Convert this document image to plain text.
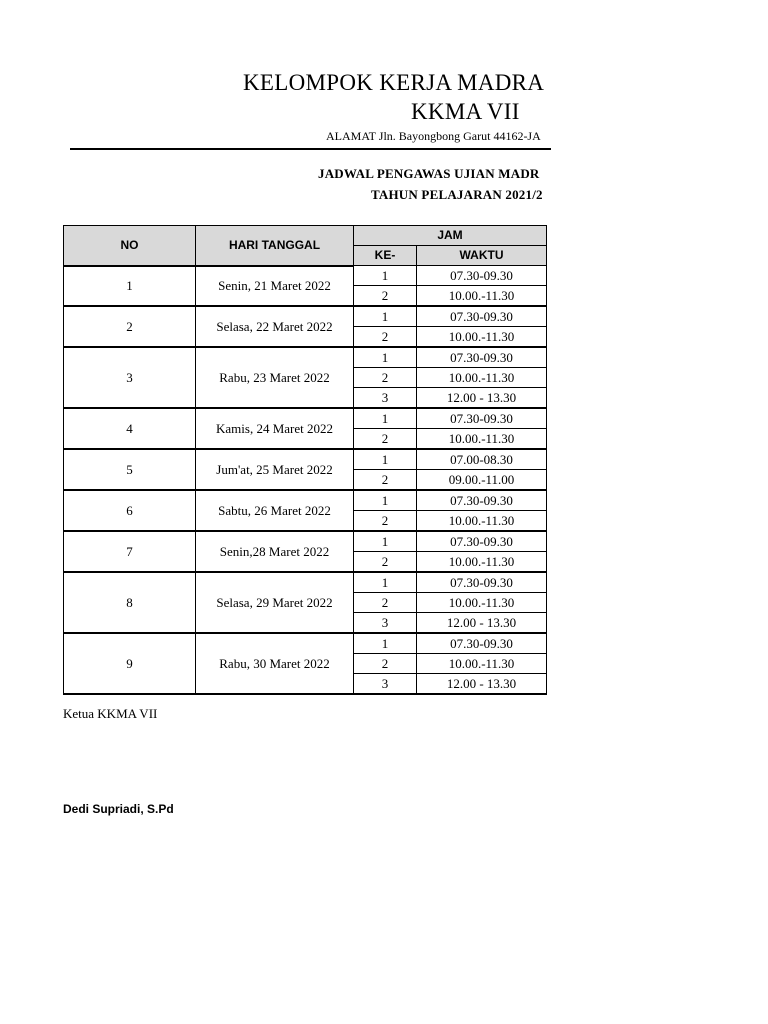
KELOMPOK KERJA MADRA
KKMA VII
ALAMAT Jln. Bayongbong Garut 44162-JA
JADWAL PENGAWAS UJIAN MADR
TAHUN PELAJARAN 2021/2
NO	HARI TANGGAL	JAM	
		KE-	WAKTU
1	Senin, 21 Maret 2022	1	07.30-09.30
		2	10.00.-11.30
2	Selasa, 22 Maret 2022	1	07.30-09.30
		2	10.00.-11.30
3	Rabu, 23 Maret 2022	1	07.30-09.30
		2	10.00.-11.30
		3	12.00 - 13.30
4	Kamis, 24 Maret 2022	1	07.30-09.30
		2	10.00.-11.30
5	Jum'at, 25 Maret 2022	1	07.00-08.30
		2	09.00.-11.00
6	Sabtu, 26 Maret 2022	1	07.30-09.30
		2	10.00.-11.30
7	Senin,28 Maret 2022	1	07.30-09.30
		2	10.00.-11.30
8	Selasa, 29 Maret 2022	1	07.30-09.30
		2	10.00.-11.30
		3	12.00 - 13.30
9	Rabu, 30 Maret 2022	1	07.30-09.30
		2	10.00.-11.30
		3	12.00 - 13.30
Ketua KKMA VII
Dedi Supriadi, S.Pd
